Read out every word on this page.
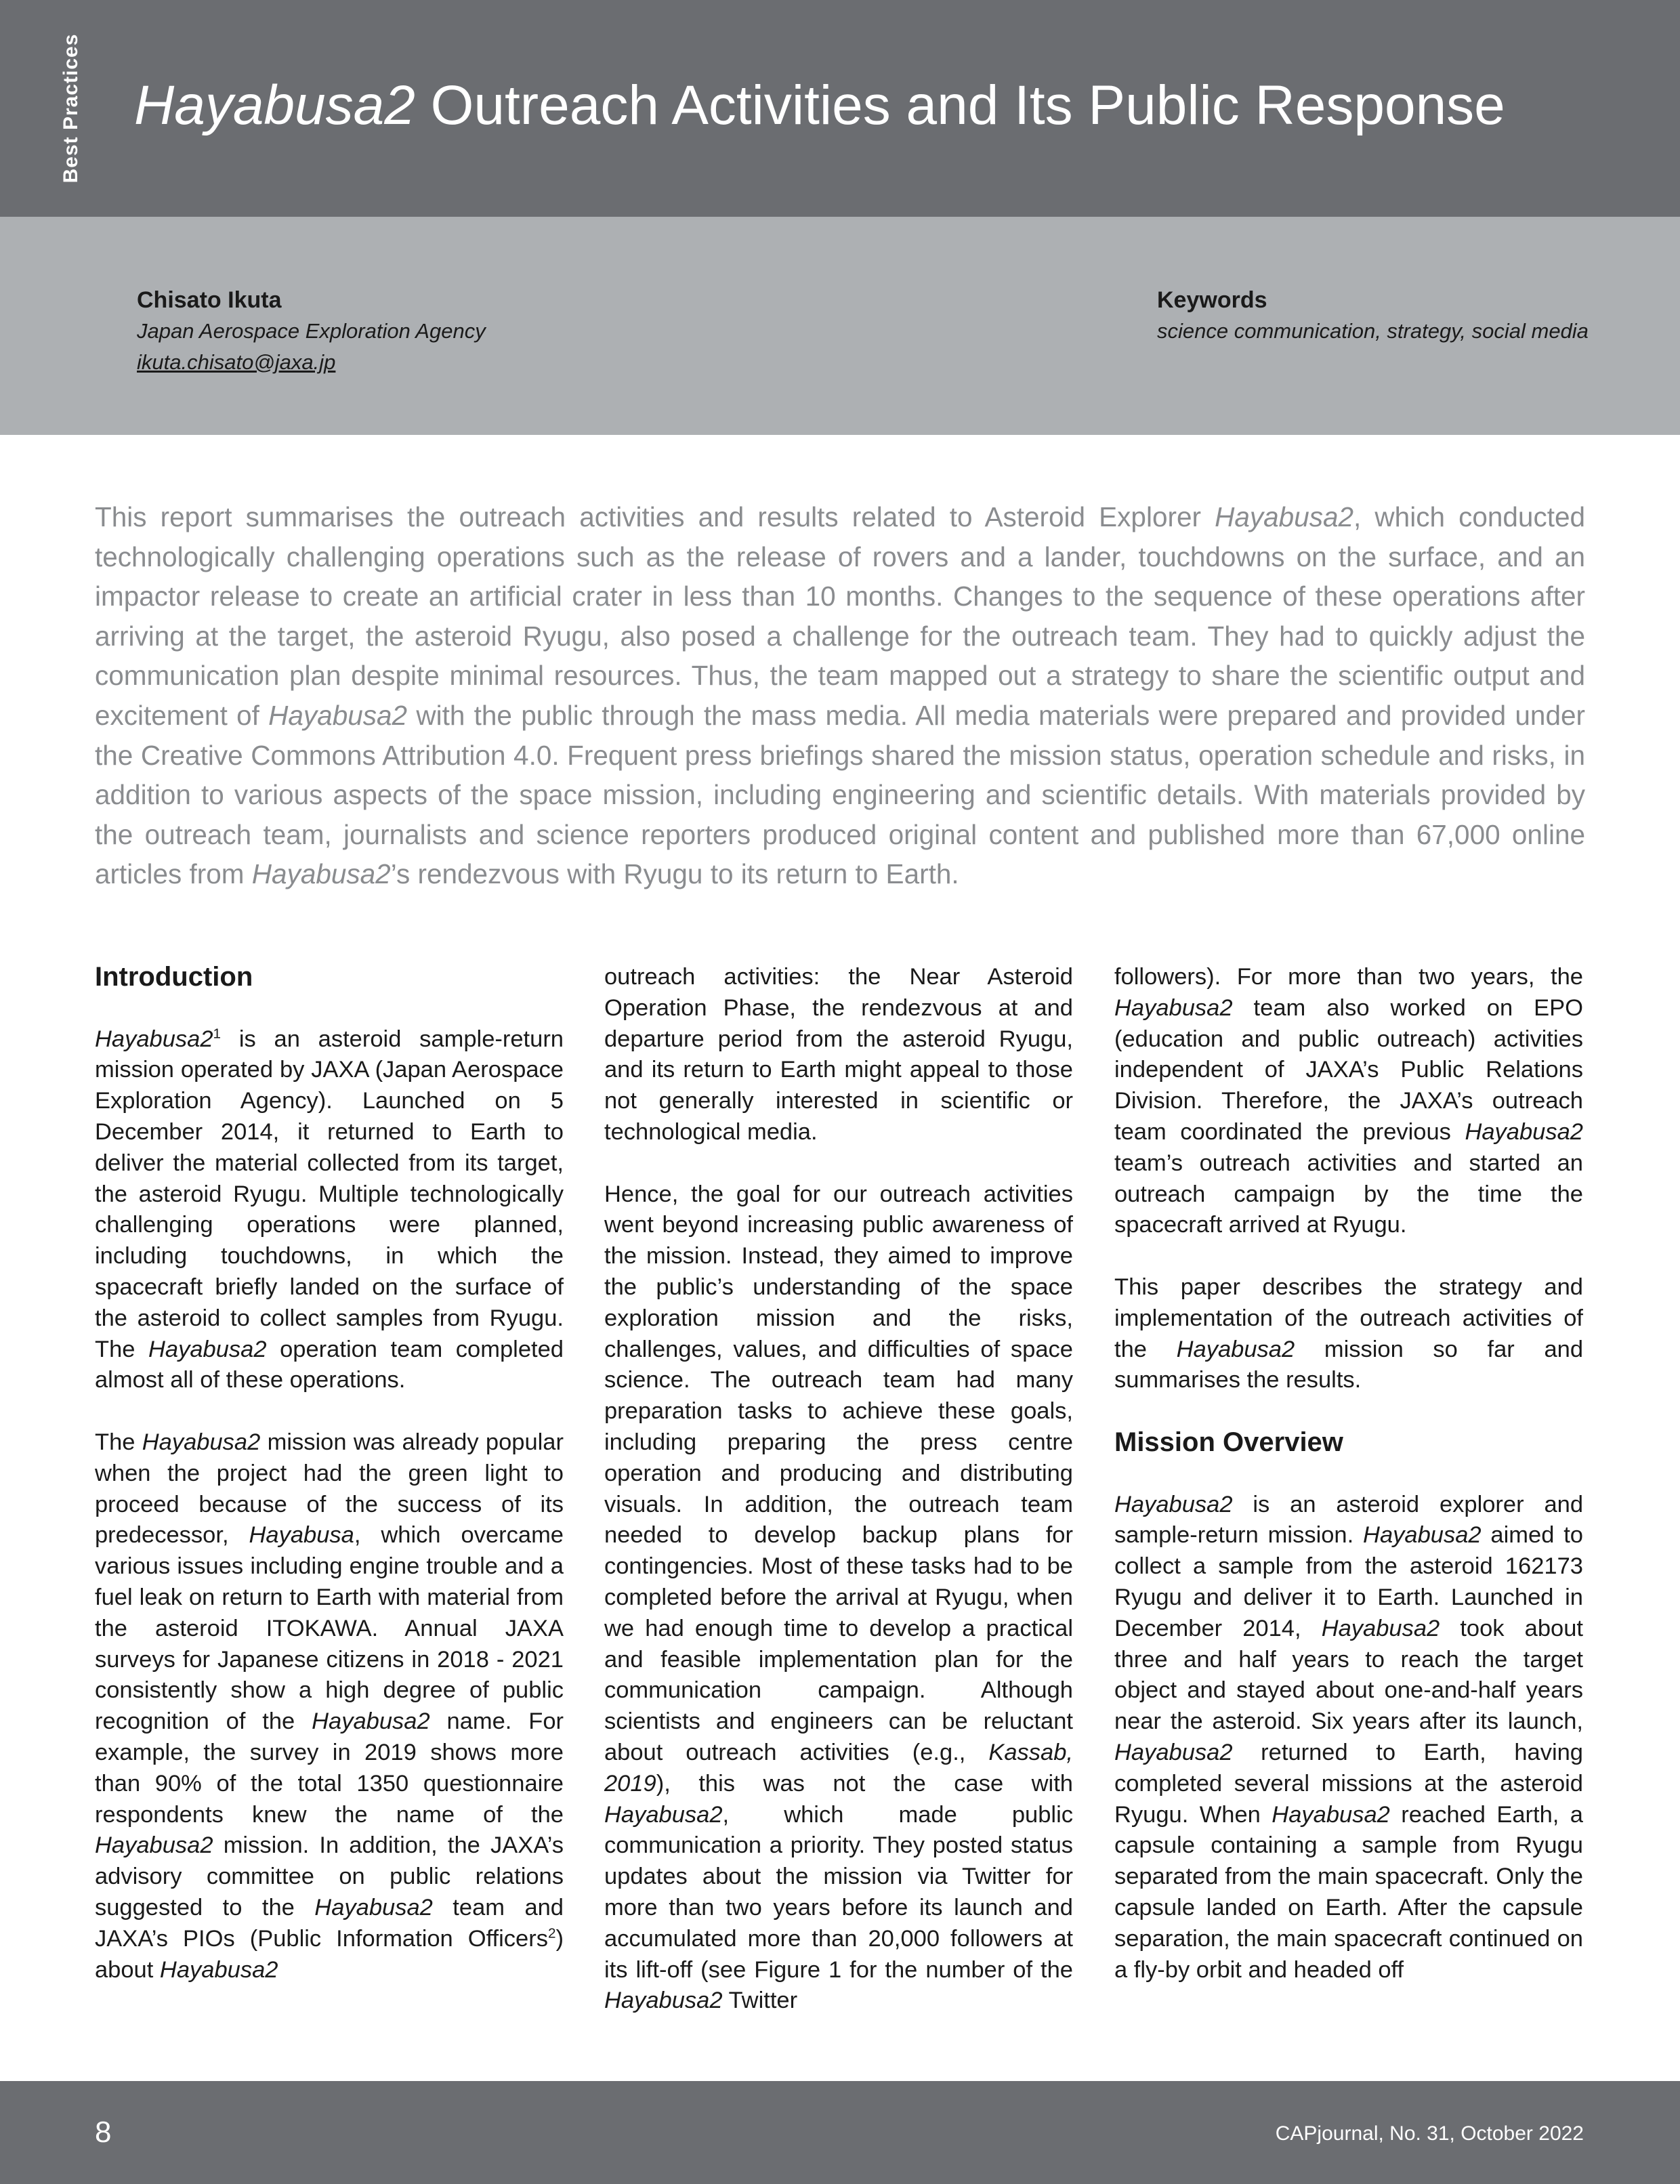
Best Practices Hayabusa2 Outreach Activities and Its Public Response
Chisato Ikuta
Japan Aerospace Exploration Agency
ikuta.chisato@jaxa.jp
Keywords
science communication, strategy, social media

This report summarises the outreach activities and results related to Asteroid Explorer Hayabusa2, which conducted technologically challenging operations such as the release of rovers and a lander, touchdowns on the surface, and an impactor release to create an artificial crater in less than 10 months. Changes to the sequence of these operations after arriving at the target, the asteroid Ryugu, also posed a challenge for the outreach team. They had to quickly adjust the communication plan despite minimal resources. Thus, the team mapped out a strategy to share the scientific output and excitement of Hayabusa2 with the public through the mass media. All media materials were prepared and provided under the Creative Commons Attribution 4.0. Frequent press briefings shared the mission status, operation schedule and risks, in addition to various aspects of the space mission, including engineering and scientific details. With materials provided by the outreach team, journalists and science reporters produced original content and published more than 67,000 online articles from Hayabusa2’s rendezvous with Ryugu to its return to Earth.

Introduction

$Hayabusa2^1$ is an asteroid sample-return mission operated by JAXA (Japan Aerospace Exploration Agency). Launched on 5 December 2014, it returned to Earth to deliver the material collected from its target, the asteroid Ryugu. Multiple technologically challenging operations were planned, including touchdowns, in which the spacecraft briefly landed on the surface of the asteroid to collect samples from Ryugu. The Hayabusa2 operation team completed almost all of these operations.

The Hayabusa2 mission was already popular when the project had the green light to proceed because of the success of its predecessor, Hayabusa, which overcame various issues including engine trouble and a fuel leak on return to Earth with material from the asteroid ITOKAWA. Annual JAXA surveys for Japanese citizens in 2018 - 2021 consistently show a high degree of public recognition of the Hayabusa2 name. For example, the survey in 2019 shows more than 90% of the total 1350 questionnaire respondents knew the name of the Hayabusa2 mission. In addition, the JAXA’s advisory committee on public relations suggested to the Hayabusa2 team and JAXA’s PIOs (Public Information Officers$^2$) about Hayabusa2

outreach activities: the Near Asteroid Operation Phase, the rendezvous at and departure period from the asteroid Ryugu, and its return to Earth might appeal to those not generally interested in scientific or technological media.

Hence, the goal for our outreach activities went beyond increasing public awareness of the mission. Instead, they aimed to improve the public’s understanding of the space exploration mission and the risks, challenges, values, and difficulties of space science. The outreach team had many preparation tasks to achieve these goals, including preparing the press centre operation and producing and distributing visuals. In addition, the outreach team needed to develop backup plans for contingencies. Most of these tasks had to be completed before the arrival at Ryugu, when we had enough time to develop a practical and feasible implementation plan for the communication campaign. Although scientists and engineers can be reluctant about outreach activities (e.g., Kassab, 2019), this was not the case with Hayabusa2, which made public communication a priority. They posted status updates about the mission via Twitter for more than two years before its launch and accumulated more than 20,000 followers at its lift-off (see Figure 1 for the number of the Hayabusa2 Twitter

followers). For more than two years, the Hayabusa2 team also worked on EPO (education and public outreach) activities independent of JAXA’s Public Relations Division. Therefore, the JAXA’s outreach team coordinated the previous Hayabusa2 team’s outreach activities and started an outreach campaign by the time the spacecraft arrived at Ryugu.

This paper describes the strategy and implementation of the outreach activities of the Hayabusa2 mission so far and summarises the results.

Mission Overview

Hayabusa2 is an asteroid explorer and sample-return mission. Hayabusa2 aimed to collect a sample from the asteroid 162173 Ryugu and deliver it to Earth. Launched in December 2014, Hayabusa2 took about three and half years to reach the target object and stayed about one-and-half years near the asteroid. Six years after its launch, Hayabusa2 returned to Earth, having completed several missions at the asteroid Ryugu. When Hayabusa2 reached Earth, a capsule containing a sample from Ryugu separated from the main spacecraft. Only the capsule landed on Earth. After the capsule separation, the main spacecraft continued on a fly-by orbit and headed off

8	CAPjournal, No. 31, October 2022
